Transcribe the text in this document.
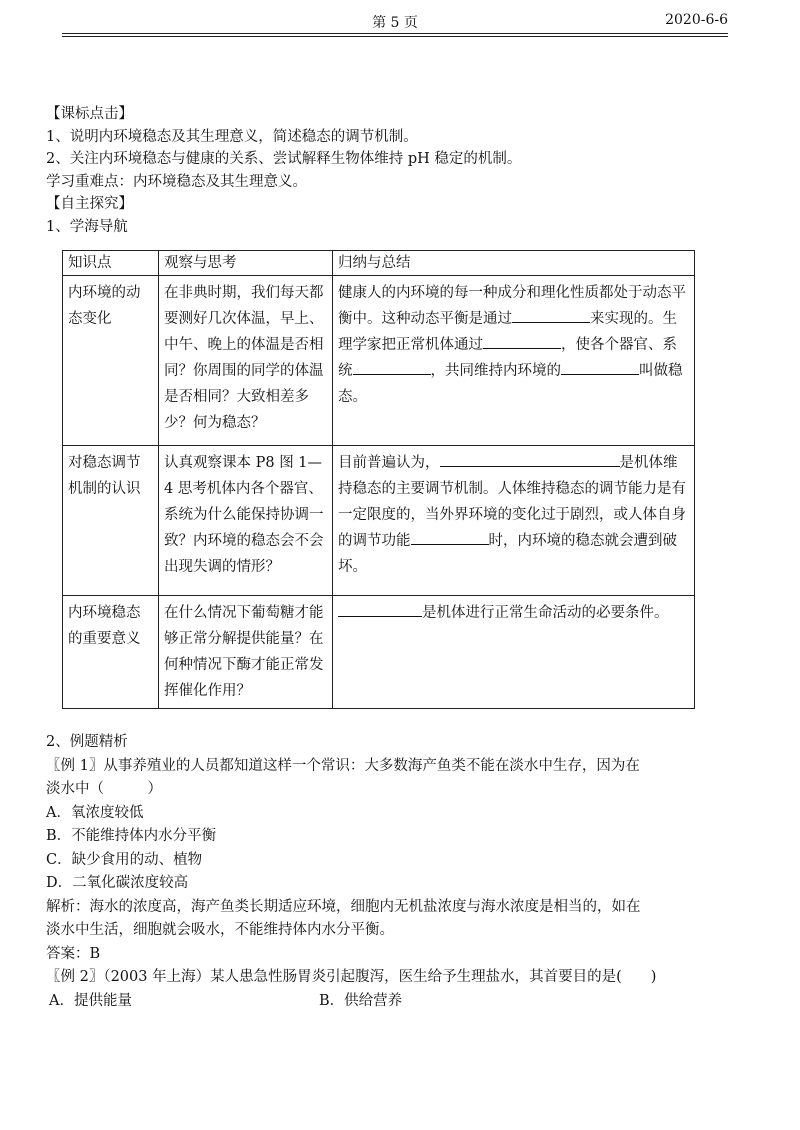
第 5 页	2020-6-6

【课标点击】

1、说明内环境稳态及其生理意义，简述稳态的调节机制。

2、关注内环境稳态与健康的关系、尝试解释生物体维持 pH 稳定的机制。

学习重难点：内环境稳态及其生理意义。

【自主探究】

1、学海导航

知识点	观察与思考	归纳与总结
内环境的动态变化	在非典时期，我们每天都要测好几次体温，早上、中午、晚上的体温是否相同？你周围的同学的体温是否相同？大致相差多少？何为稳态？	健康人的内环境的每一种成分和理化性质都处于动态平衡中。这种动态平衡是通过 来实现的。生理学家把正常机体通过 ，使各个器官、系统 ，共同维持内环境的 叫做稳态。
对稳态调节机制的认识	认真观察课本 P8 图 1—4 思考机体内各个器官、系统为什么能保持协调一致？内环境的稳态会不会出现失调的情形？	目前普遍认为， 是机体维持稳态的主要调节机制。人体维持稳态的调节能力是有一定限度的，当外界环境的变化过于剧烈，或人体自身的调节功能 时，内环境的稳态就会遭到破坏。
内环境稳态的重要意义	在什么情况下葡萄糖才能够正常分解提供能量？在何种情况下酶才能正常发挥催化作用？	是机体进行正常生命活动的必要条件。

2、例题精析

〖例 1〗从事养殖业的人员都知道这样一个常识：大多数海产鱼类不能在淡水中生存，因为在

淡水中（　　　）

A．氧浓度较低

B．不能维持体内水分平衡

C．缺少食用的动、植物

D．二氧化碳浓度较高

解析：海水的浓度高，海产鱼类长期适应环境，细胞内无机盐浓度与海水浓度是相当的，如在

淡水中生活，细胞就会吸水，不能维持体内水分平衡。

答案：B

〖例 2〗（2003 年上海）某人患急性肠胃炎引起腹泻，医生给予生理盐水，其首要目的是(　　)

A．提供能量	B．供给营养
